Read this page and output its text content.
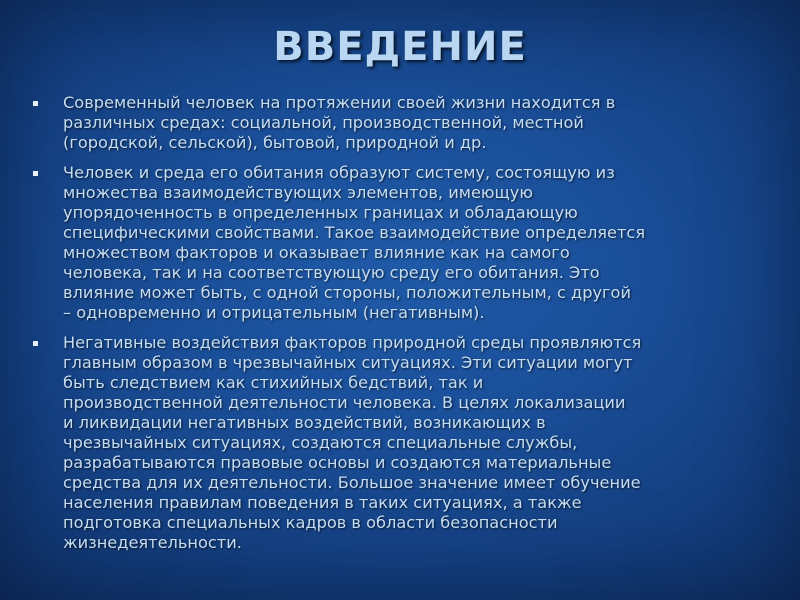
ВВЕДЕНИЕ
Современный человек на протяжении своей жизни находится в
различных средах: социальной, производственной, местной
(городской, сельской), бытовой, природной и др.
Человек и среда его обитания образуют систему, состоящую из
множества взаимодействующих элементов, имеющую
упорядоченность в определенных границах и обладающую
специфическими свойствами. Такое взаимодействие определяется
множеством факторов и оказывает влияние как на самого
человека, так и на соответствующую среду его обитания. Это
влияние может быть, с одной стороны, положительным, с другой
– одновременно и отрицательным (негативным).
Негативные воздействия факторов природной среды проявляются
главным образом в чрезвычайных ситуациях. Эти ситуации могут
быть следствием как стихийных бедствий, так и
производственной деятельности человека. В целях локализации
и ликвидации негативных воздействий, возникающих в
чрезвычайных ситуациях, создаются специальные службы,
разрабатываются правовые основы и создаются материальные
средства для их деятельности. Большое значение имеет обучение
населения правилам поведения в таких ситуациях, а также
подготовка специальных кадров в области безопасности
жизнедеятельности.
